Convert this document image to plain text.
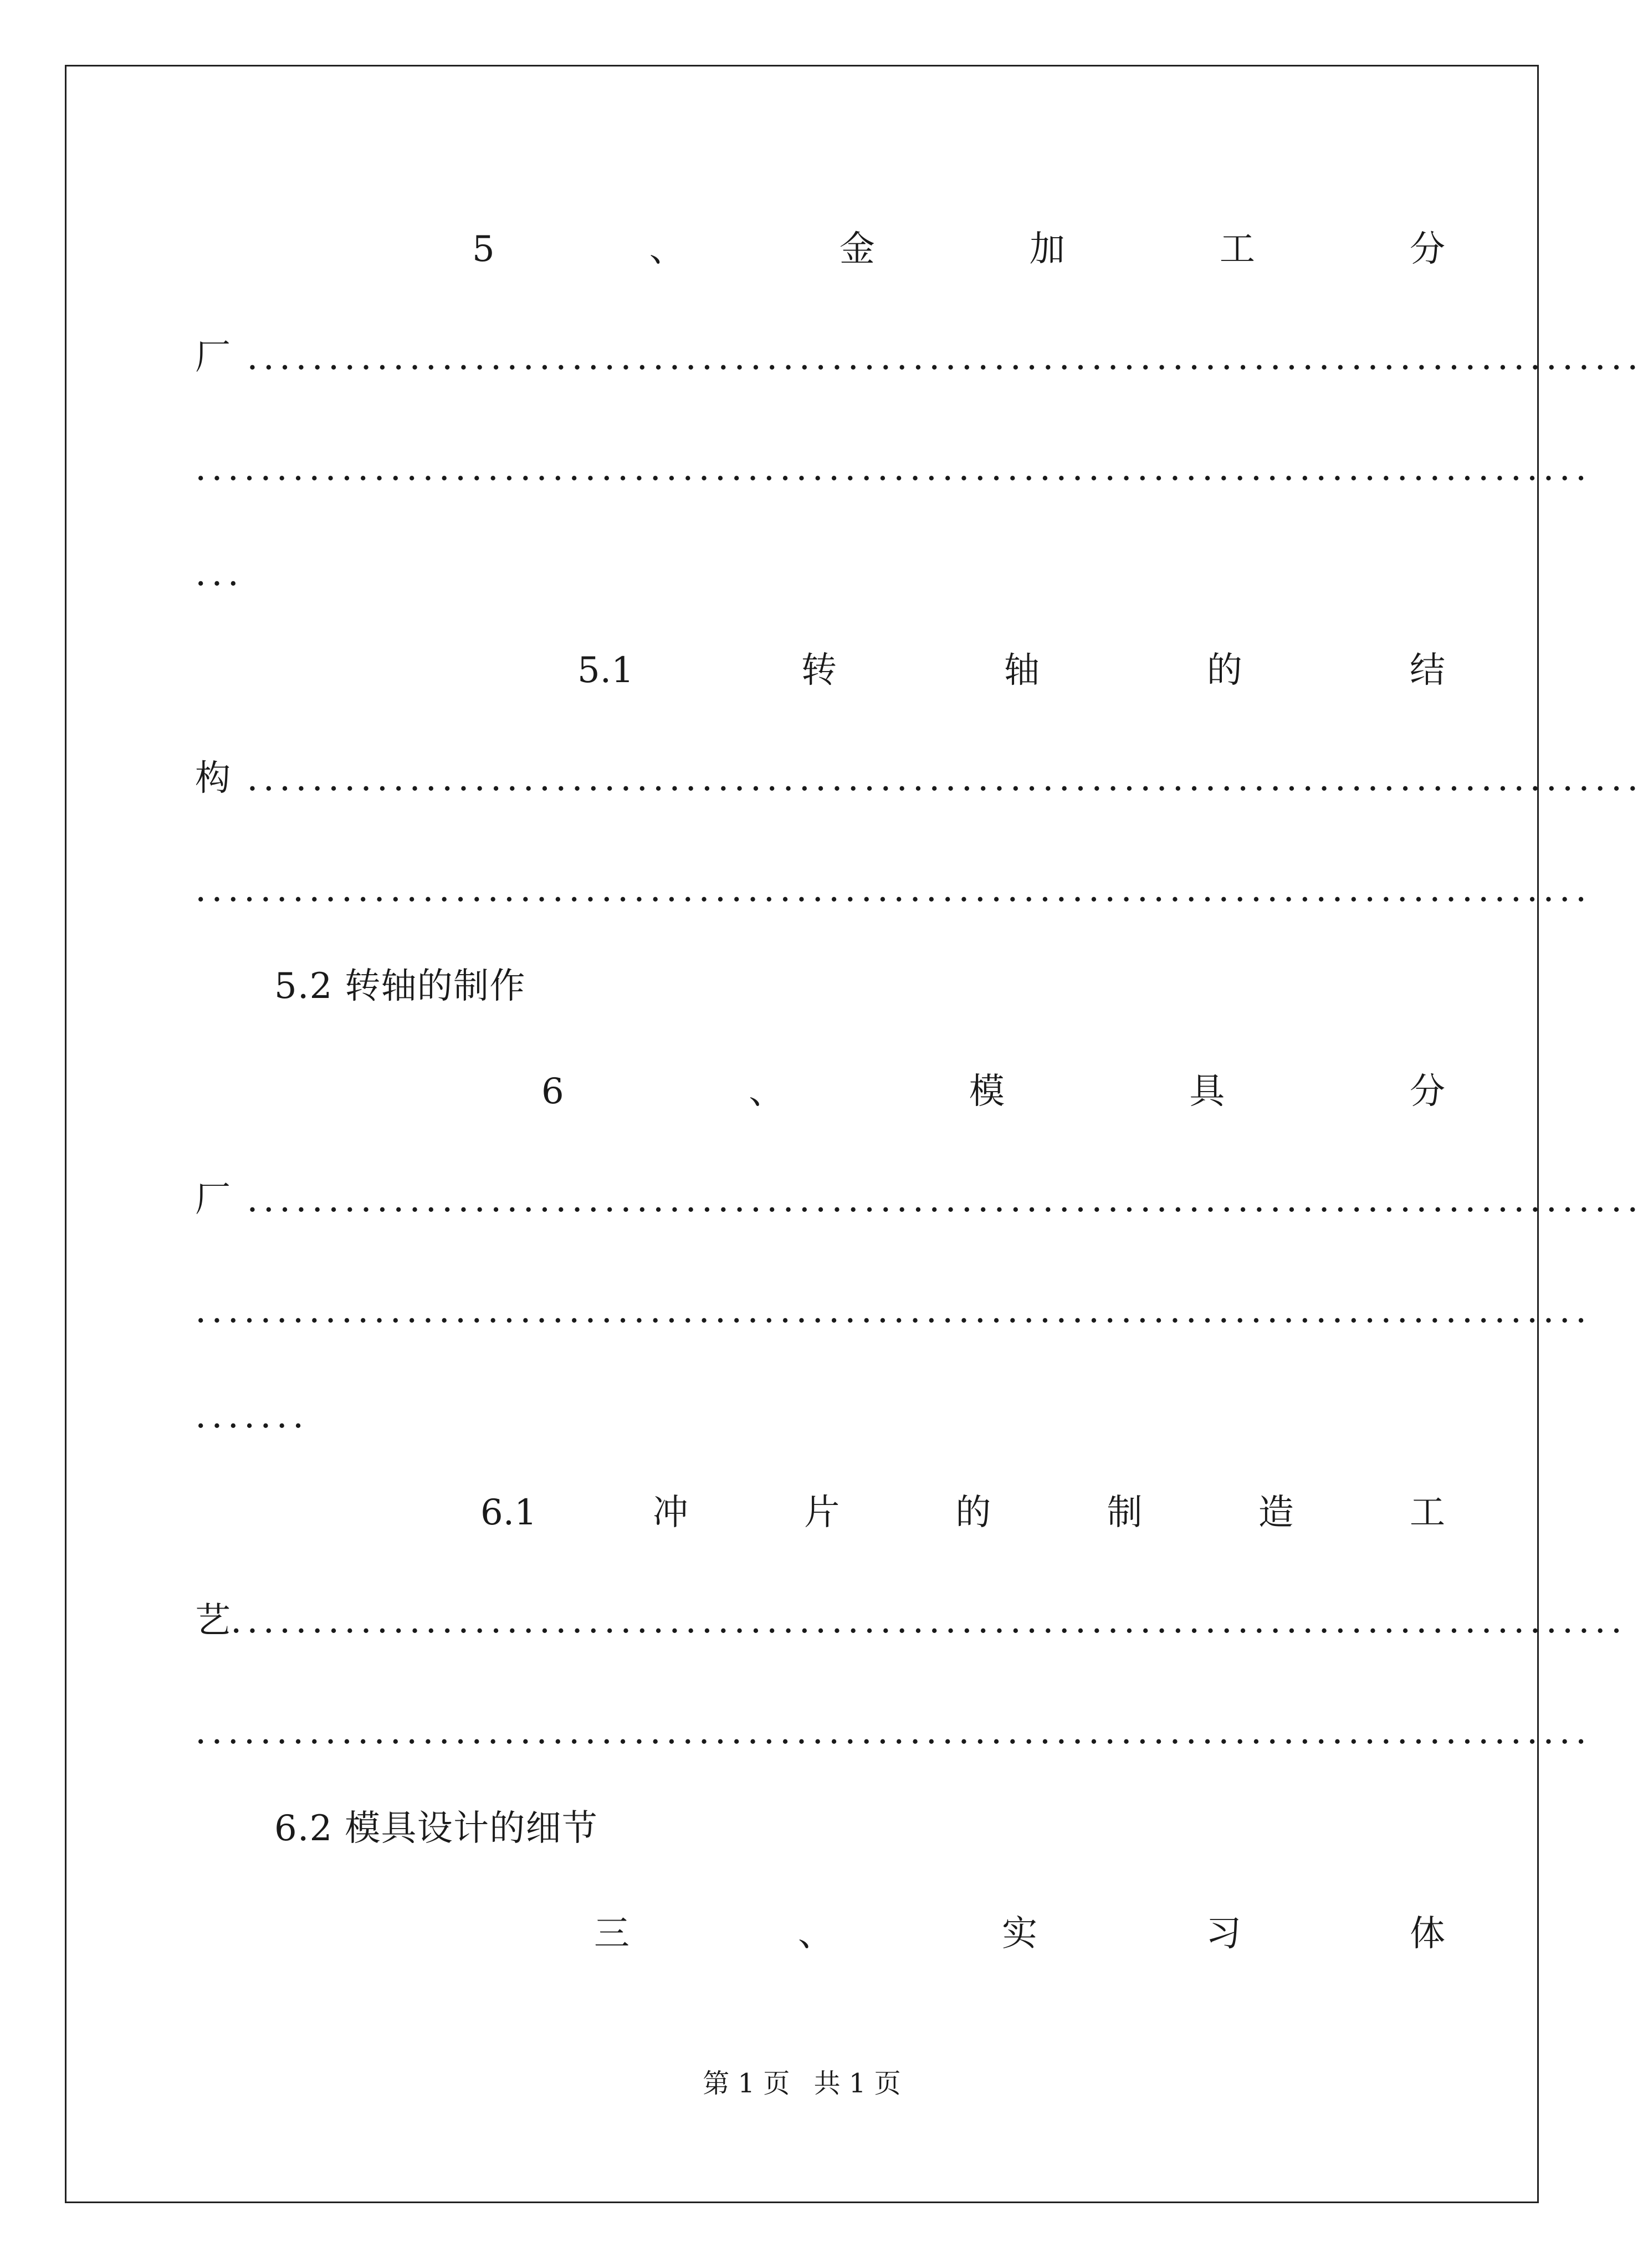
5	、	金	加	工	分
厂 ......................................................................................
......................................................................................
...
5.1	转	轴	的	结
构 ......................................................................................
......................................................................................
5.2 转轴的制作
6	、	模	具	分
厂 ......................................................................................
......................................................................................
.......
6.1	冲	片	的	制	造	工
艺 ......................................................................................
......................................................................................
6.2 模具设计的细节
三	、	实	习	体
第 1 页 共 1 页
